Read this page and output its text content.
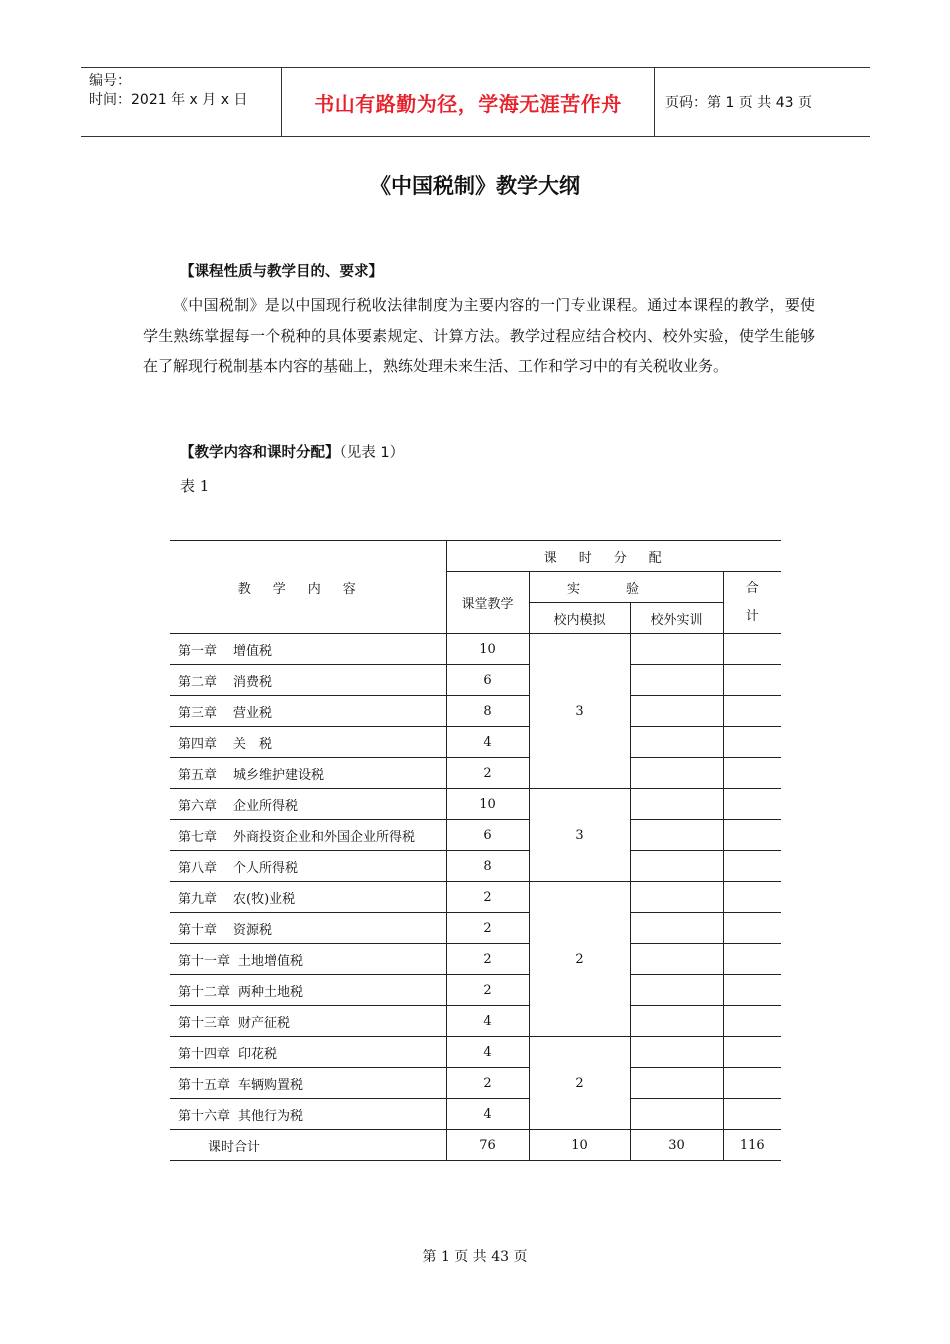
编号：
时间：2021 年 x 月 x 日	书山有路勤为径，学海无涯苦作舟	页码：第 1 页 共 43 页
《中国税制》教学大纲
【课程性质与教学目的、要求】
《中国税制》是以中国现行税收法律制度为主要内容的一门专业课程。通过本课程的教学，要使学生熟练掌握每一个税种的具体要素规定、计算方法。教学过程应结合校内、校外实验，使学生能够在了解现行税制基本内容的基础上，熟练处理未来生活、工作和学习中的有关税收业务。
【教学内容和课时分配】（见表 1）
表 1
教学内容	课时分配			
	课堂教学	实验		合
计
		校内模拟	校外实训	
第一章 增值税	10	3		
第二章 消费税	6			
第三章 营业税	8			
第四章 关　税	4			
第五章 城乡维护建设税	2			
第六章 企业所得税	10	3		
第七章 外商投资企业和外国企业所得税	6			
第八章 个人所得税	8			
第九章 农(牧)业税	2	2		
第十章 资源税	2			
第十一章 土地增值税	2			
第十二章 两种土地税	2			
第十三章 财产征税	4			
第十四章 印花税	4	2		
第十五章 车辆购置税	2			
第十六章 其他行为税	4			
课时合计	76	10	30	116
第 1 页 共 43 页
